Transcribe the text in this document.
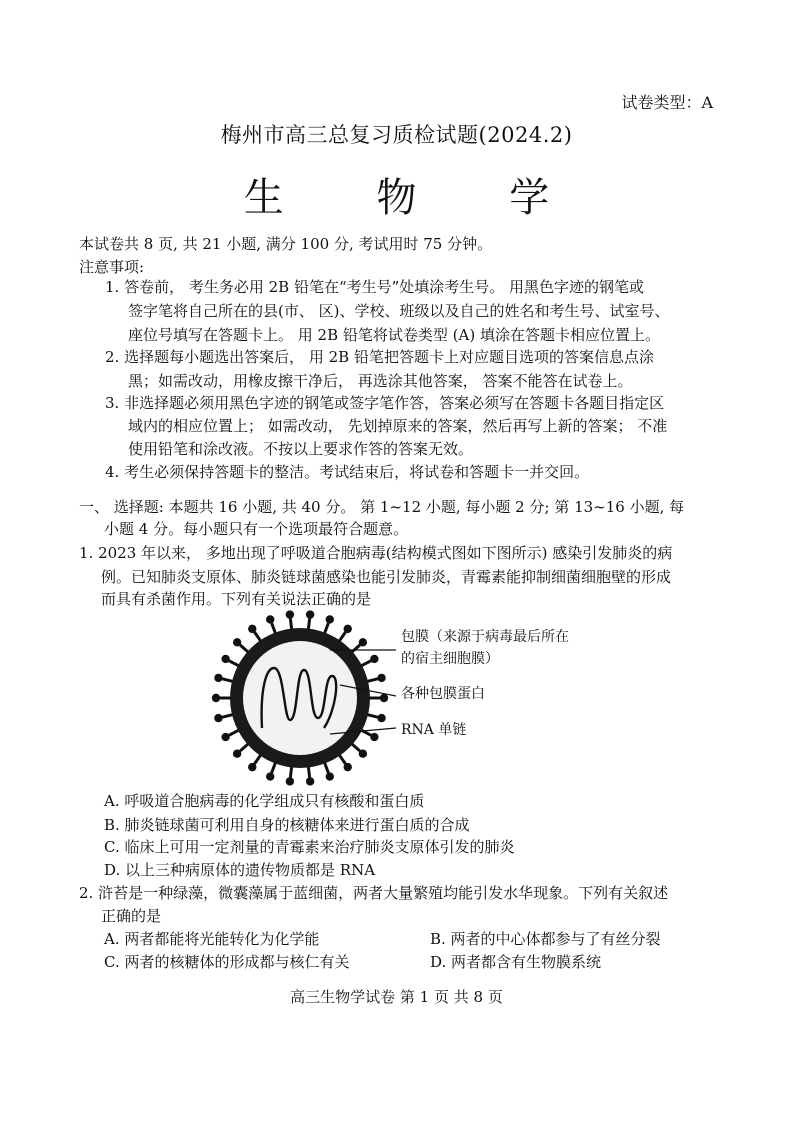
试卷类型：A
梅州市高三总复习质检试题(2024.2)
生 物 学
本试卷共 8 页, 共 21 小题, 满分 100 分, 考试用时 75 分钟。
注意事项:
1. 答卷前， 考生务必用 2B 铅笔在“考生号”处填涂考生号。 用黑色字迹的钢笔或
签字笔将自己所在的县(市、 区)、学校、班级以及自己的姓名和考生号、试室号、
座位号填写在答题卡上。 用 2B 铅笔将试卷类型 (A) 填涂在答题卡相应位置上。
2. 选择题每小题选出答案后， 用 2B 铅笔把答题卡上对应题目选项的答案信息点涂
黑；如需改动，用橡皮擦干净后， 再选涂其他答案， 答案不能答在试卷上。
3. 非选择题必须用黑色字迹的钢笔或签字笔作答，答案必须写在答题卡各题目指定区
域内的相应位置上； 如需改动， 先划掉原来的答案，然后再写上新的答案； 不准
使用铅笔和涂改液。不按以上要求作答的答案无效。
4. 考生必须保持答题卡的整洁。考试结束后，将试卷和答题卡一并交回。
一、 选择题: 本题共 16 小题, 共 40 分。 第 1~12 小题, 每小题 2 分; 第 13~16 小题, 每
小题 4 分。每小题只有一个选项最符合题意。
1. 2023 年以来， 多地出现了呼吸道合胞病毒(结构模式图如下图所示) 感染引发肺炎的病
例。已知肺炎支原体、肺炎链球菌感染也能引发肺炎，青霉素能抑制细菌细胞壁的形成
而具有杀菌作用。下列有关说法正确的是
包膜（来源于病毒最后所在
的宿主细胞膜）
各种包膜蛋白
RNA 单链
A. 呼吸道合胞病毒的化学组成只有核酸和蛋白质
B. 肺炎链球菌可利用自身的核糖体来进行蛋白质的合成
C. 临床上可用一定剂量的青霉素来治疗肺炎支原体引发的肺炎
D. 以上三种病原体的遗传物质都是 RNA
2. 浒苔是一种绿藻，微囊藻属于蓝细菌，两者大量繁殖均能引发水华现象。下列有关叙述
正确的是
A. 两者都能将光能转化为化学能	B. 两者的中心体都参与了有丝分裂
C. 两者的核糖体的形成都与核仁有关	D. 两者都含有生物膜系统
高三生物学试卷 第 1 页 共 8 页
